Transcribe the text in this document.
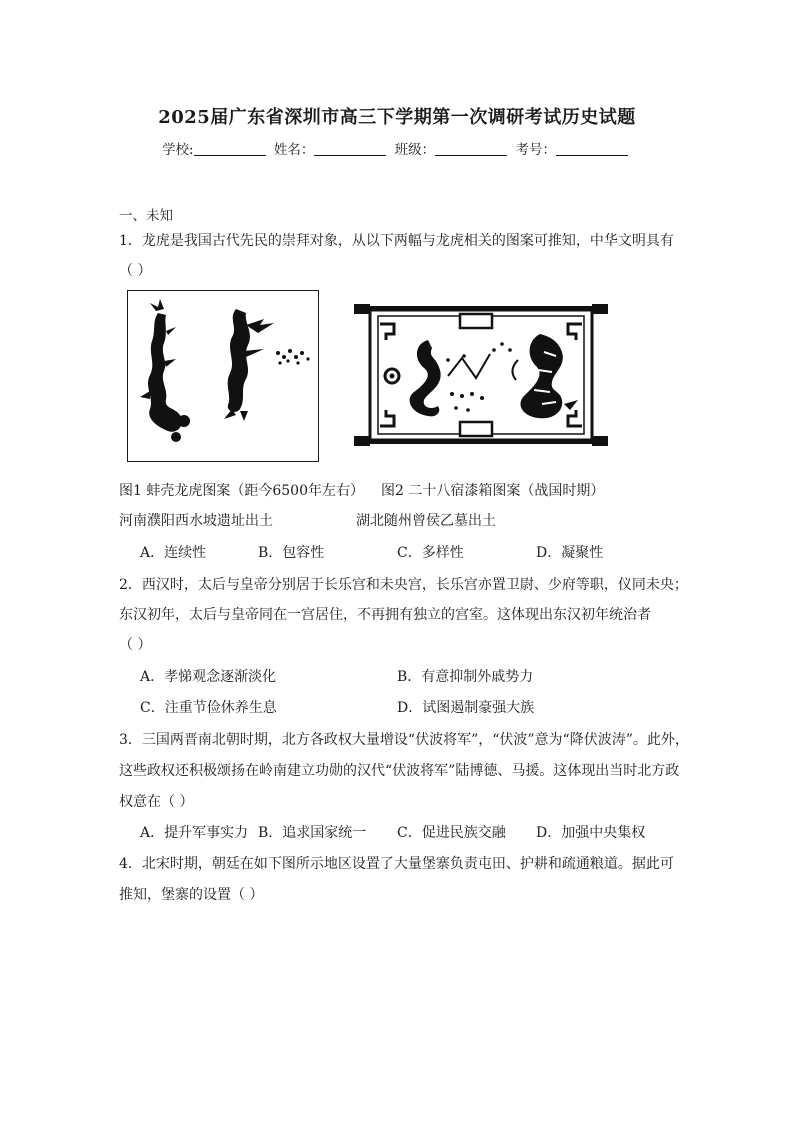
2025届广东省深圳市高三下学期第一次调研考试历史试题
学校:	姓名：	班级：	考号：
一、未知
1．龙虎是我国古代先民的崇拜对象，从以下两幅与龙虎相关的图案可推知，中华文明具有
（ ）
图1 蚌壳龙虎图案（距今6500年左右） 图2 二十八宿漆箱图案（战国时期）
河南濮阳西水坡遗址出土	湖北随州曾侯乙墓出土
A．连续性	B．包容性	C．多样性	D．凝聚性
2．西汉时，太后与皇帝分别居于长乐宫和未央宫，长乐宫亦置卫尉、少府等职，仪同未央；
东汉初年，太后与皇帝同在一宫居住，不再拥有独立的宫室。这体现出东汉初年统治者
（ ）
A．孝悌观念逐渐淡化	B．有意抑制外戚势力
C．注重节俭休养生息	D．试图遏制豪强大族
3．三国两晋南北朝时期，北方各政权大量增设“伏波将军”，“伏波”意为“降伏波涛”。此外，
这些政权还积极颂扬在岭南建立功勋的汉代“伏波将军”陆博德、马援。这体现出当时北方政
权意在（ ）
A．提升军事实力 B．追求国家统一 C．促进民族交融 D．加强中央集权
4．北宋时期，朝廷在如下图所示地区设置了大量堡寨负责屯田、护耕和疏通粮道。据此可
推知，堡寨的设置（ ）
